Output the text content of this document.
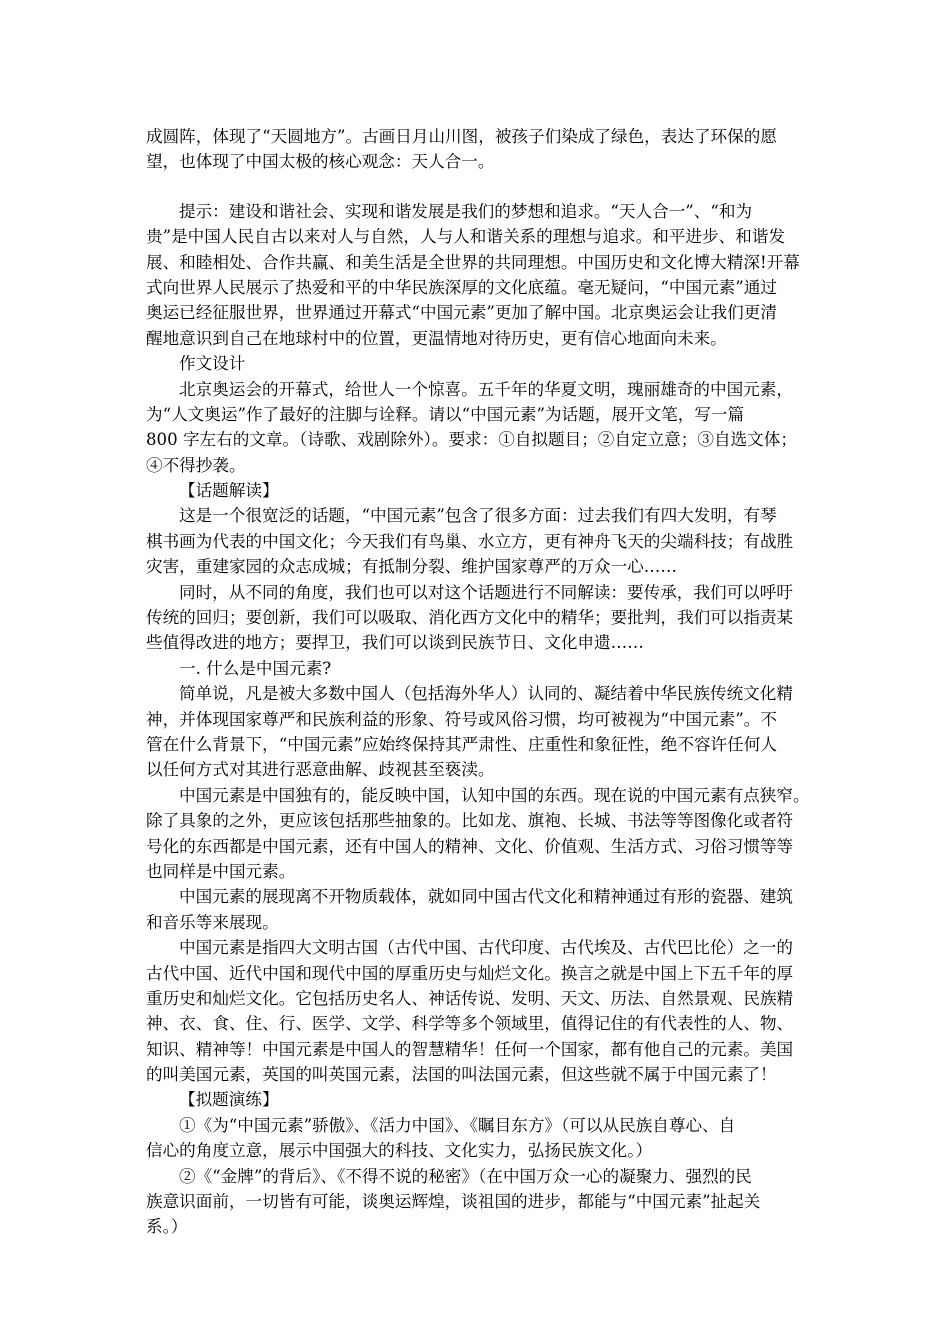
成圆阵，体现了“天圆地方”。古画日月山川图，被孩子们染成了绿色，表达了环保的愿
望，也体现了中国太极的核心观念：天人合一。
提示：建设和谐社会、实现和谐发展是我们的梦想和追求。“天人合一”、“和为
贵”是中国人民自古以来对人与自然，人与人和谐关系的理想与追求。和平进步、和谐发
展、和睦相处、合作共赢、和美生活是全世界的共同理想。中国历史和文化博大精深!开幕
式向世界人民展示了热爱和平的中华民族深厚的文化底蕴。毫无疑问，“中国元素”通过
奥运已经征服世界，世界通过开幕式“中国元素”更加了解中国。北京奥运会让我们更清
醒地意识到自己在地球村中的位置，更温情地对待历史，更有信心地面向未来。
作文设计
北京奥运会的开幕式，给世人一个惊喜。五千年的华夏文明，瑰丽雄奇的中国元素，
为“人文奥运”作了最好的注脚与诠释。请以“中国元素”为话题，展开文笔，写一篇
800 字左右的文章。（诗歌、戏剧除外）。要求：①自拟题目；②自定立意；③自选文体；
④不得抄袭。
【话题解读】
这是一个很宽泛的话题，“中国元素”包含了很多方面：过去我们有四大发明，有琴
棋书画为代表的中国文化；今天我们有鸟巢、水立方，更有神舟飞天的尖端科技；有战胜
灾害，重建家园的众志成城；有抵制分裂、维护国家尊严的万众一心……
同时，从不同的角度，我们也可以对这个话题进行不同解读：要传承，我们可以呼吁
传统的回归；要创新，我们可以吸取、消化西方文化中的精华；要批判，我们可以指责某
些值得改进的地方；要捍卫，我们可以谈到民族节日、文化申遗……
一. 什么是中国元素?
简单说，凡是被大多数中国人（包括海外华人）认同的、凝结着中华民族传统文化精
神，并体现国家尊严和民族利益的形象、符号或风俗习惯，均可被视为“中国元素”。不
管在什么背景下，“中国元素”应始终保持其严肃性、庄重性和象征性，绝不容许任何人
以任何方式对其进行恶意曲解、歧视甚至亵渎。
中国元素是中国独有的，能反映中国，认知中国的东西。现在说的中国元素有点狭窄。
除了具象的之外，更应该包括那些抽象的。比如龙、旗袍、长城、书法等等图像化或者符
号化的东西都是中国元素，还有中国人的精神、文化、价值观、生活方式、习俗习惯等等
也同样是中国元素。
中国元素的展现离不开物质载体，就如同中国古代文化和精神通过有形的瓷器、建筑
和音乐等来展现。
中国元素是指四大文明古国（古代中国、古代印度、古代埃及、古代巴比伦）之一的
古代中国、近代中国和现代中国的厚重历史与灿烂文化。换言之就是中国上下五千年的厚
重历史和灿烂文化。它包括历史名人、神话传说、发明、天文、历法、自然景观、民族精
神、衣、食、住、行、医学、文学、科学等多个领域里，值得记住的有代表性的人、物、
知识、精神等！中国元素是中国人的智慧精华！任何一个国家，都有他自己的元素。美国
的叫美国元素，英国的叫英国元素，法国的叫法国元素，但这些就不属于中国元素了！
【拟题演练】
①《为“中国元素”骄傲》、《活力中国》、《瞩目东方》（可以从民族自尊心、自
信心的角度立意，展示中国强大的科技、文化实力，弘扬民族文化。）
②《“金牌”的背后》、《不得不说的秘密》（在中国万众一心的凝聚力、强烈的民
族意识面前，一切皆有可能，谈奥运辉煌，谈祖国的进步，都能与“中国元素”扯起关
系。）
